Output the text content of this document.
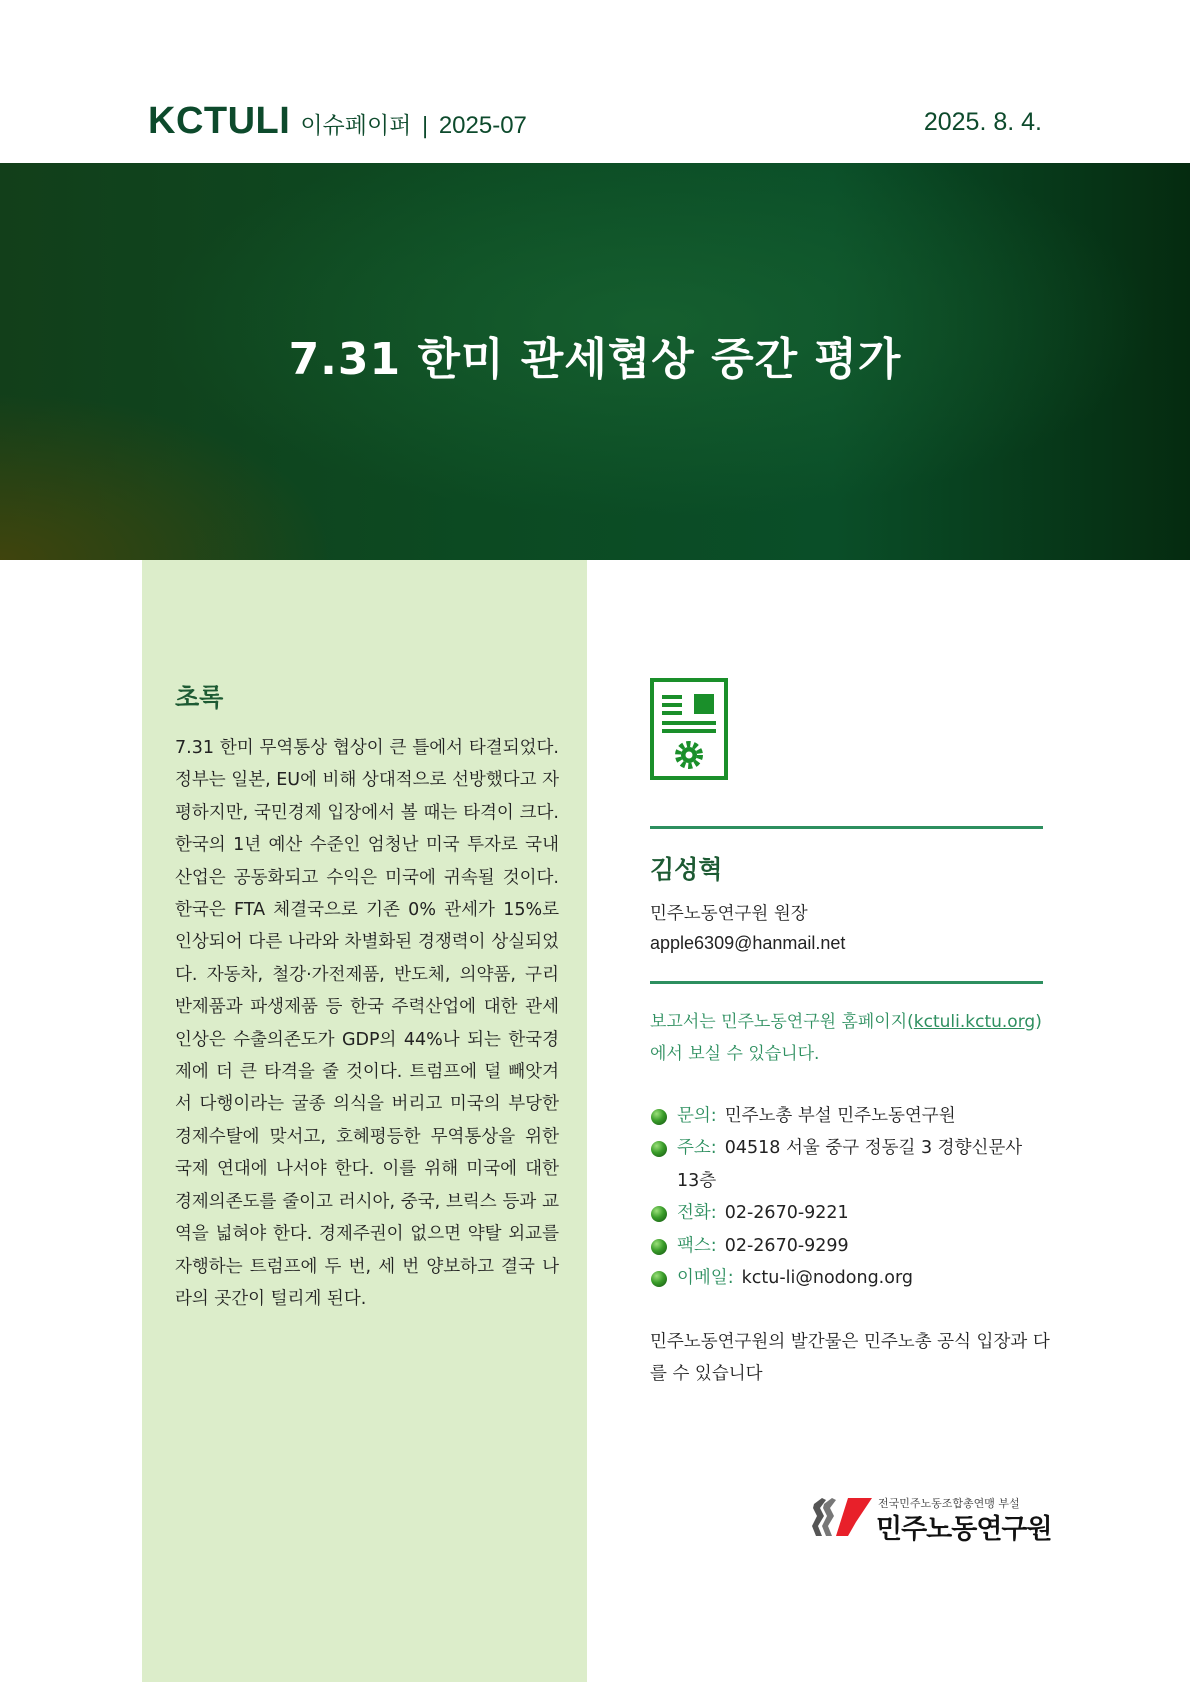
KCTULI 이슈페이퍼 | 2025-07	2025. 8. 4.
7.31 한미 관세협상 중간 평가
초록
7.31 한미 무역통상 협상이 큰 틀에서 타결되었다. 정부는 일본, EU에 비해 상대적으로 선방했다고 자평하지만, 국민경제 입장에서 볼 때는 타격이 크다. 한국의 1년 예산 수준인 엄청난 미국 투자로 국내 산업은 공동화되고 수익은 미국에 귀속될 것이다. 한국은 FTA 체결국으로 기존 0% 관세가 15%로 인상되어 다른 나라와 차별화된 경쟁력이 상실되었다. 자동차, 철강·가전제품, 반도체, 의약품, 구리 반제품과 파생제품 등 한국 주력산업에 대한 관세 인상은 수출의존도가 GDP의 44%나 되는 한국경제에 더 큰 타격을 줄 것이다. 트럼프에 덜 빼앗겨서 다행이라는 굴종 의식을 버리고 미국의 부당한 경제수탈에 맞서고, 호혜평등한 무역통상을 위한 국제 연대에 나서야 한다. 이를 위해 미국에 대한 경제의존도를 줄이고 러시아, 중국, 브릭스 등과 교역을 넓혀야 한다. 경제주권이 없으면 약탈 외교를 자행하는 트럼프에 두 번, 세 번 양보하고 결국 나라의 곳간이 털리게 된다.
김성혁
민주노동연구원 원장
apple6309@hanmail.net
보고서는 민주노동연구원 홈페이지(kctuli.kctu.org)에서 보실 수 있습니다.
문의: 민주노총 부설 민주노동연구원
주소: 04518 서울 중구 정동길 3 경향신문사 13층
전화: 02-2670-9221
팩스: 02-2670-9299
이메일: kctu-li@nodong.org
민주노동연구원의 발간물은 민주노총 공식 입장과 다를 수 있습니다
전국민주노동조합총연맹 부설
민주노동연구원
